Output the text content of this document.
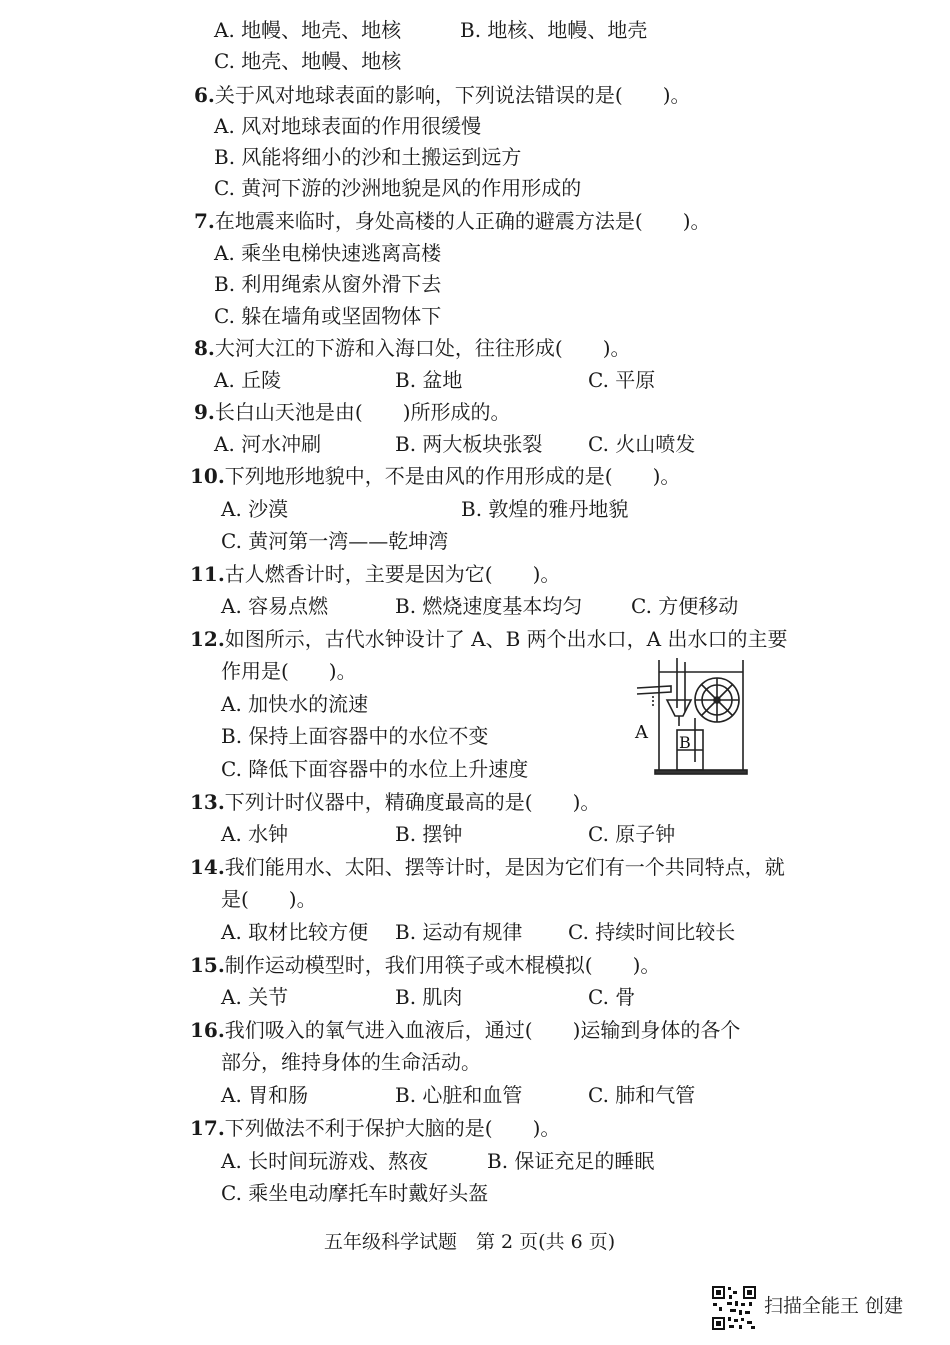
A. 地幔、地壳、地核	B. 地核、地幔、地壳
C. 地壳、地幔、地核
6.关于风对地球表面的影响，下列说法错误的是(　　)。
A. 风对地球表面的作用很缓慢
B. 风能将细小的沙和土搬运到远方
C. 黄河下游的沙洲地貌是风的作用形成的
7.在地震来临时，身处高楼的人正确的避震方法是(　　)。
A. 乘坐电梯快速逃离高楼
B. 利用绳索从窗外滑下去
C. 躲在墙角或坚固物体下
8.大河大江的下游和入海口处，往往形成(　　)。
A. 丘陵	B. 盆地	C. 平原
9.长白山天池是由(　　)所形成的。
A. 河水冲刷	B. 两大板块张裂 C. 火山喷发
10.下列地形地貌中，不是由风的作用形成的是(　　)。
A. 沙漠	B. 敦煌的雅丹地貌
C. 黄河第一湾——乾坤湾
11.古人燃香计时，主要是因为它(　　)。
A. 容易点燃	B. 燃烧速度基本均匀 C. 方便移动
12.如图所示，古代水钟设计了 A、B 两个出水口，A 出水口的主要
作用是(　　)。
A. 加快水的流速
B. 保持上面容器中的水位不变
C. 降低下面容器中的水位上升速度
13.下列计时仪器中，精确度最高的是(　　)。
A. 水钟	B. 摆钟	C. 原子钟
14.我们能用水、太阳、摆等计时，是因为它们有一个共同特点，就
是(　　)。
A. 取材比较方便 B. 运动有规律 C. 持续时间比较长
15.制作运动模型时，我们用筷子或木棍模拟(　　)。
A. 关节	B. 肌肉	C. 骨
16.我们吸入的氧气进入血液后，通过(　　)运输到身体的各个
部分，维持身体的生命活动。
A. 胃和肠	B. 心脏和血管	C. 肺和气管
17.下列做法不利于保护大脑的是(　　)。
A. 长时间玩游戏、熬夜	B. 保证充足的睡眠
C. 乘坐电动摩托车时戴好头盔
A B
五年级科学试题　第 2 页(共 6 页)
扫描全能王 创建
